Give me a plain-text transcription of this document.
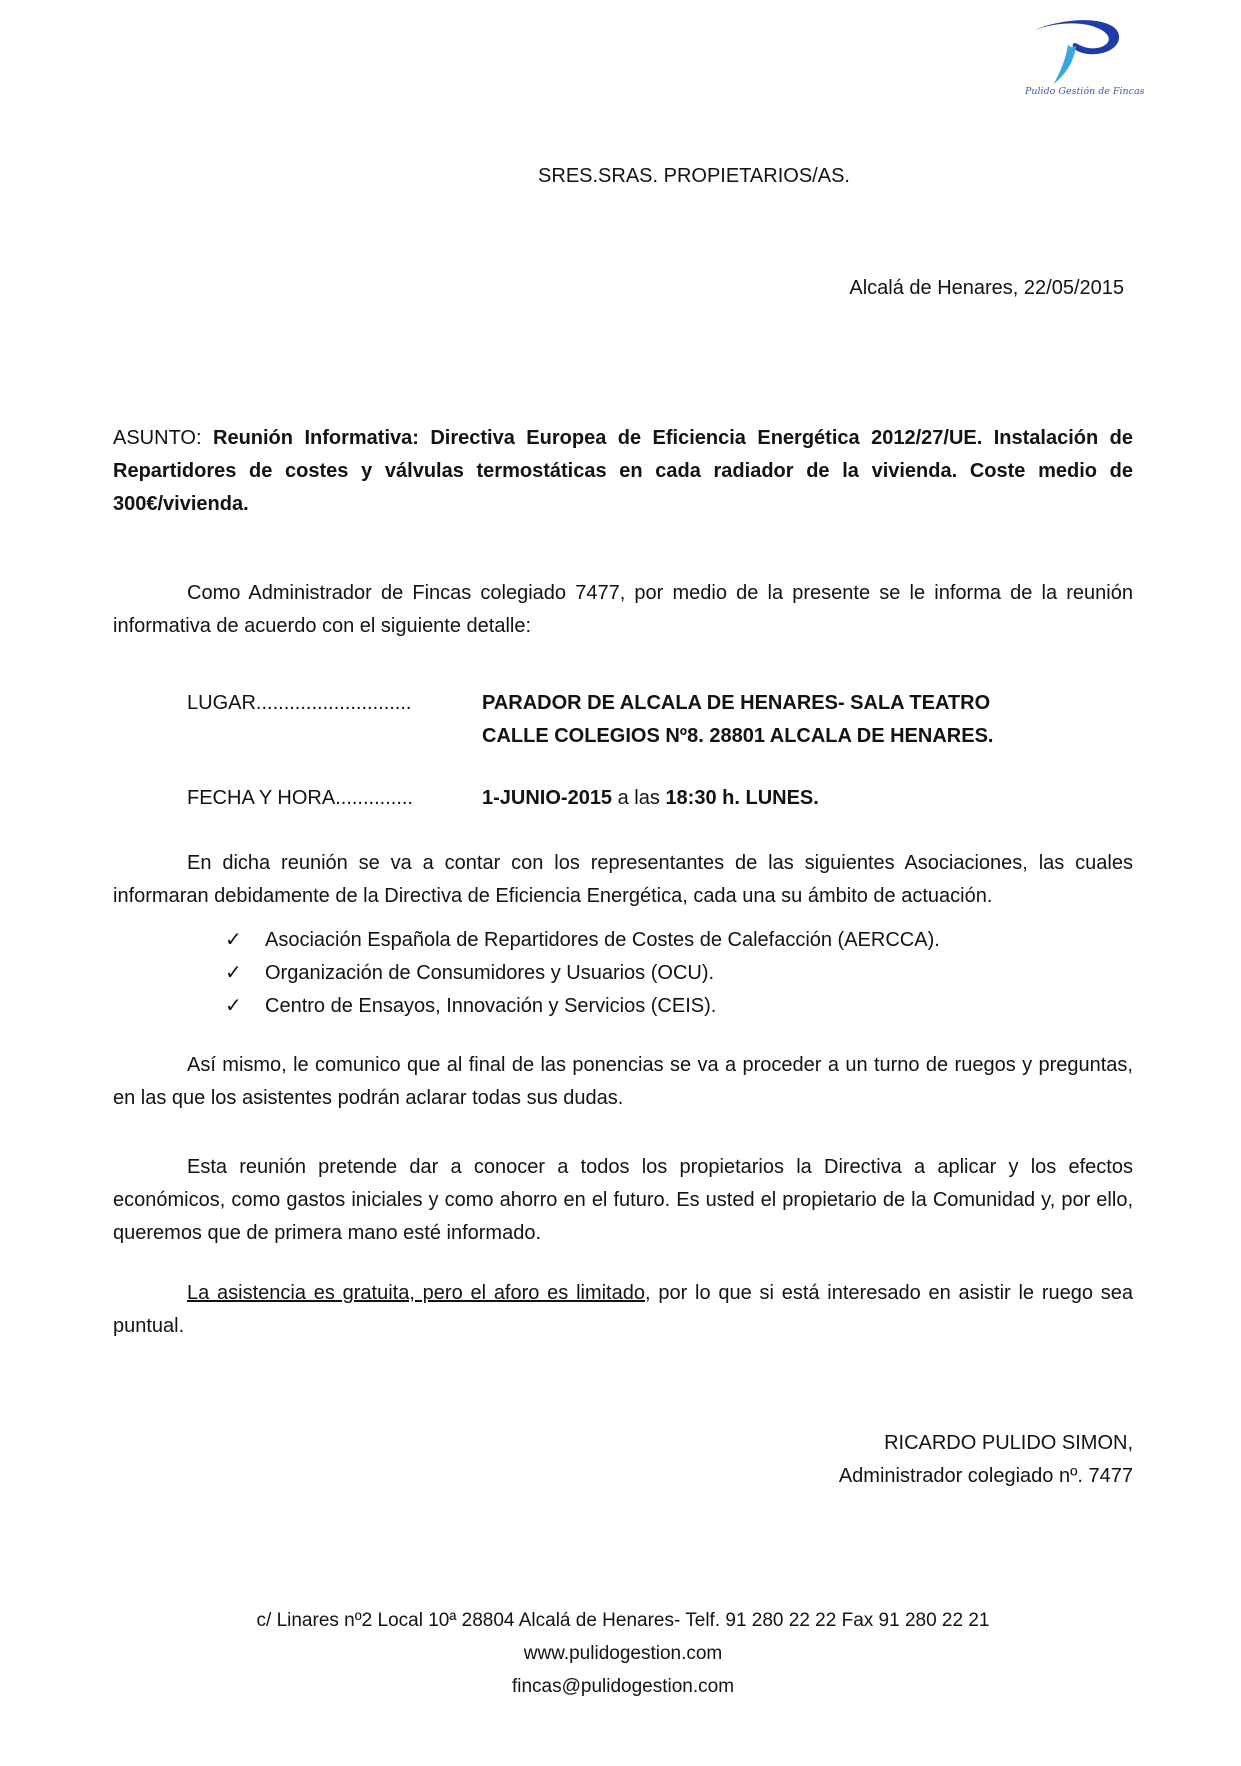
Pulido Gestión de Fincas

SRES.SRAS. PROPIETARIOS/AS.

Alcalá de Henares, 22/05/2015

ASUNTO: Reunión Informativa: Directiva Europea de Eficiencia Energética 2012/27/UE. Instalación de Repartidores de costes y válvulas termostáticas en cada radiador de la vivienda. Coste medio de 300€/vivienda.

Como Administrador de Fincas colegiado 7477, por medio de la presente se le informa de la reunión informativa de acuerdo con el siguiente detalle:

LUGAR............................	PARADOR DE ALCALA DE HENARES- SALA TEATRO
CALLE COLEGIOS Nº8. 28801 ALCALA DE HENARES.
FECHA Y HORA..............	1-JUNIO-2015 a las 18:30 h. LUNES.

En dicha reunión se va a contar con los representantes de las siguientes Asociaciones, las cuales informaran debidamente de la Directiva de Eficiencia Energética, cada una su ámbito de actuación.

✓	Asociación Española de Repartidores de Costes de Calefacción (AERCCA).
✓	Organización de Consumidores y Usuarios (OCU).
✓	Centro de Ensayos, Innovación y Servicios (CEIS).

Así mismo, le comunico que al final de las ponencias se va a proceder a un turno de ruegos y preguntas, en las que los asistentes podrán aclarar todas sus dudas.

Esta reunión pretende dar a conocer a todos los propietarios la Directiva a aplicar y los efectos económicos, como gastos iniciales y como ahorro en el futuro. Es usted el propietario de la Comunidad y, por ello, queremos que de primera mano esté informado.

La asistencia es gratuita, pero el aforo es limitado, por lo que si está interesado en asistir le ruego sea puntual.

RICARDO PULIDO SIMON,
Administrador colegiado nº. 7477
c/ Linares nº2 Local 10ª 28804 Alcalá de Henares- Telf. 91 280 22 22 Fax 91 280 22 21
www.pulidogestion.com
fincas@pulidogestion.com
